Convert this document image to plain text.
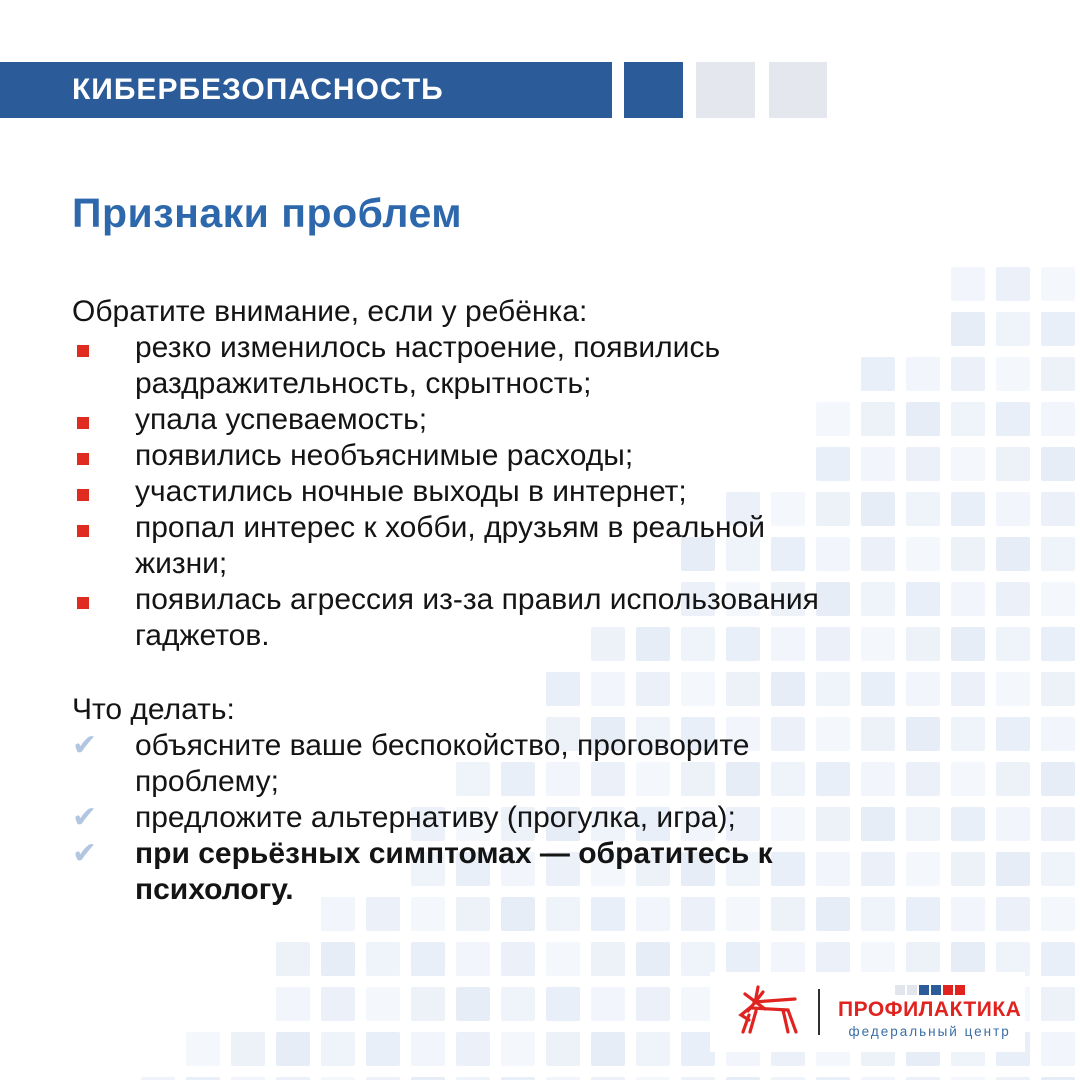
КИБЕРБЕЗОПАСНОСТЬ
Признаки проблем

Обратите внимание, если у ребёнка:

резко изменилось настроение, появились раздражительность, скрытность;
упала успеваемость;
появились необъяснимые расходы;
участились ночные выходы в интернет;
пропал интерес к хобби, друзьям в реальной жизни;
появилась агрессия из-за правил использования гаджетов.

Что делать:

✔ объясните ваше беспокойство, проговорите проблему;
✔ предложите альтернативу (прогулка, игра);
✔ при серьёзных симптомах — обратитесь к психологу.
ПРОФИЛАКТИКА
федеральный центр
